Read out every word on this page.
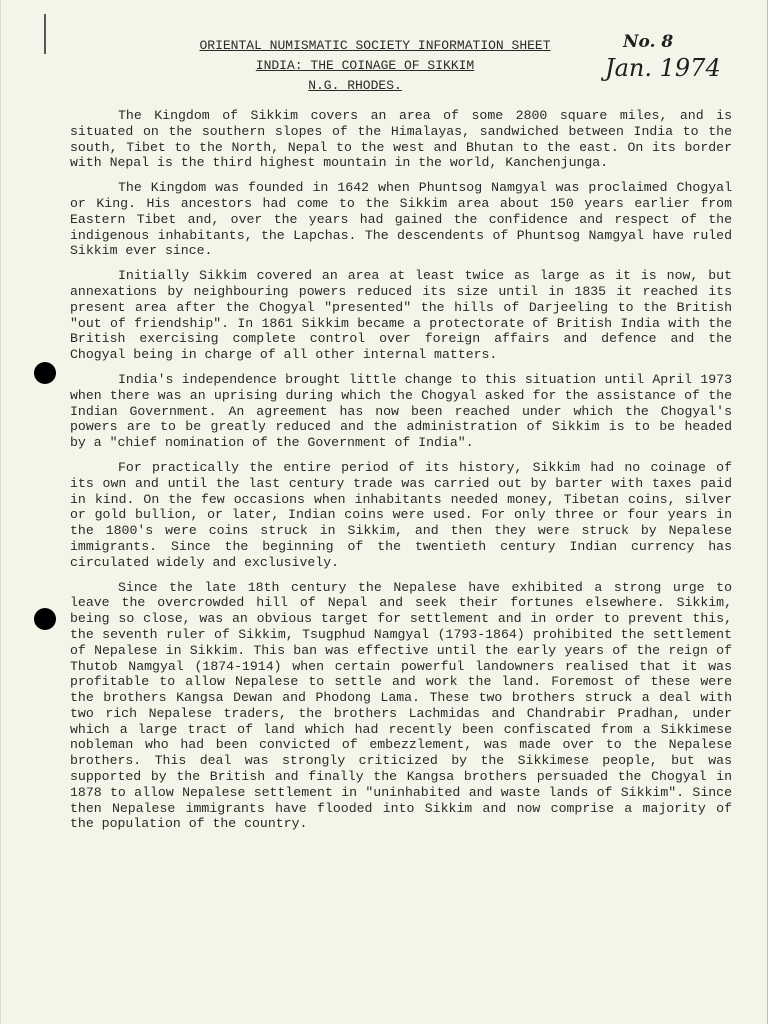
ORIENTAL NUMISMATIC SOCIETY INFORMATION SHEET
INDIA: THE COINAGE OF SIKKIM
N.G. RHODES.
No. 8
Jan. 1974

The Kingdom of Sikkim covers an area of some 2800 square miles, and is situated on the southern slopes of the Himalayas, sandwiched between India to the south, Tibet to the North, Nepal to the west and Bhutan to the east. On its border with Nepal is the third highest mountain in the world, Kanchenjunga.

The Kingdom was founded in 1642 when Phuntsog Namgyal was proclaimed Chogyal or King. His ancestors had come to the Sikkim area about 150 years earlier from Eastern Tibet and, over the years had gained the confidence and respect of the indigenous inhabitants, the Lapchas. The descendents of Phuntsog Namgyal have ruled Sikkim ever since.

Initially Sikkim covered an area at least twice as large as it is now, but annexations by neighbouring powers reduced its size until in 1835 it reached its present area after the Chogyal "presented" the hills of Darjeeling to the British "out of friendship". In 1861 Sikkim became a protectorate of British India with the British exercising complete control over foreign affairs and defence and the Chogyal being in charge of all other internal matters.

India's independence brought little change to this situation until April 1973 when there was an uprising during which the Chogyal asked for the assistance of the Indian Government. An agreement has now been reached under which the Chogyal's powers are to be greatly reduced and the administration of Sikkim is to be headed by a "chief nomination of the Government of India".

For practically the entire period of its history, Sikkim had no coinage of its own and until the last century trade was carried out by barter with taxes paid in kind. On the few occasions when inhabitants needed money, Tibetan coins, silver or gold bullion, or later, Indian coins were used. For only three or four years in the 1800's were coins struck in Sikkim, and then they were struck by Nepalese immigrants. Since the beginning of the twentieth century Indian currency has circulated widely and exclusively.

Since the late 18th century the Nepalese have exhibited a strong urge to leave the overcrowded hill of Nepal and seek their fortunes elsewhere. Sikkim, being so close, was an obvious target for settlement and in order to prevent this, the seventh ruler of Sikkim, Tsugphud Namgyal (1793-1864) prohibited the settlement of Nepalese in Sikkim. This ban was effective until the early years of the reign of Thutob Namgyal (1874-1914) when certain powerful landowners realised that it was profitable to allow Nepalese to settle and work the land. Foremost of these were the brothers Kangsa Dewan and Phodong Lama. These two brothers struck a deal with two rich Nepalese traders, the brothers Lachmidas and Chandrabir Pradhan, under which a large tract of land which had recently been confiscated from a Sikkimese nobleman who had been convicted of embezzlement, was made over to the Nepalese brothers. This deal was strongly criticized by the Sikkimese people, but was supported by the British and finally the Kangsa brothers persuaded the Chogyal in 1878 to allow Nepalese settlement in "uninhabited and waste lands of Sikkim". Since then Nepalese immigrants have flooded into Sikkim and now comprise a majority of the population of the country.
